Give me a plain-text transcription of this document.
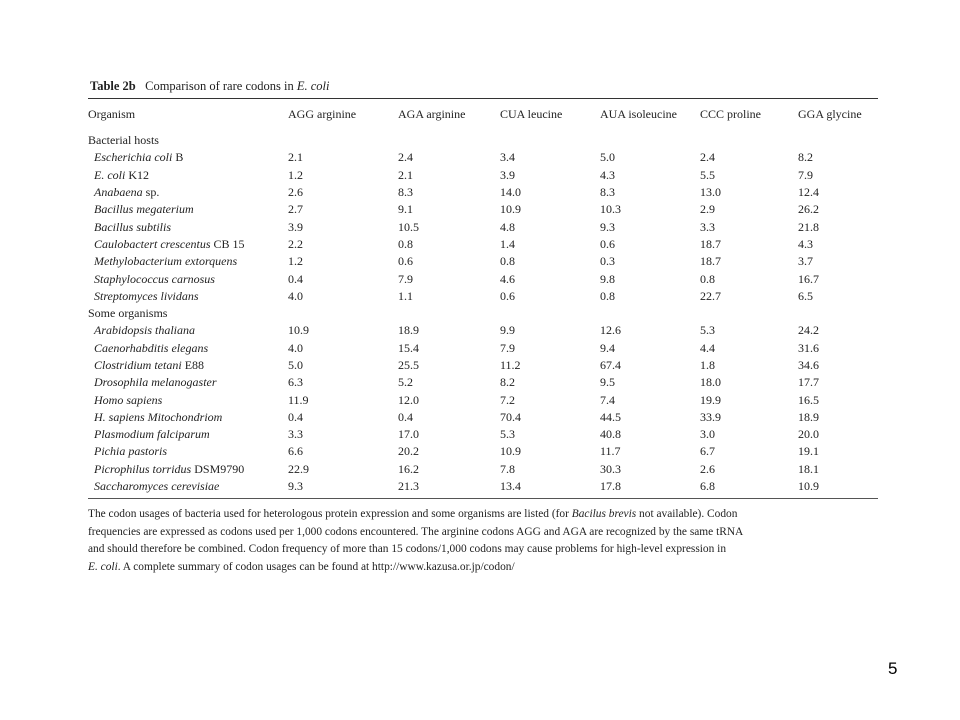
Table 2b Comparison of rare codons in E. coli
Organism	AGG arginine	AGA arginine	CUA leucine	AUA isoleucine	CCC proline	GGA glycine
Bacterial hosts						
Escherichia coli B	2.1	2.4	3.4	5.0	2.4	8.2
E. coli K12	1.2	2.1	3.9	4.3	5.5	7.9
Anabaena sp.	2.6	8.3	14.0	8.3	13.0	12.4
Bacillus megaterium	2.7	9.1	10.9	10.3	2.9	26.2
Bacillus subtilis	3.9	10.5	4.8	9.3	3.3	21.8
Caulobactert crescentus CB 15	2.2	0.8	1.4	0.6	18.7	4.3
Methylobacterium extorquens	1.2	0.6	0.8	0.3	18.7	3.7
Staphylococcus carnosus	0.4	7.9	4.6	9.8	0.8	16.7
Streptomyces lividans	4.0	1.1	0.6	0.8	22.7	6.5
Some organisms						
Arabidopsis thaliana	10.9	18.9	9.9	12.6	5.3	24.2
Caenorhabditis elegans	4.0	15.4	7.9	9.4	4.4	31.6
Clostridium tetani E88	5.0	25.5	11.2	67.4	1.8	34.6
Drosophila melanogaster	6.3	5.2	8.2	9.5	18.0	17.7
Homo sapiens	11.9	12.0	7.2	7.4	19.9	16.5
H. sapiens Mitochondriom	0.4	0.4	70.4	44.5	33.9	18.9
Plasmodium falciparum	3.3	17.0	5.3	40.8	3.0	20.0
Pichia pastoris	6.6	20.2	10.9	11.7	6.7	19.1
Picrophilus torridus DSM9790	22.9	16.2	7.8	30.3	2.6	18.1
Saccharomyces cerevisiae	9.3	21.3	13.4	17.8	6.8	10.9
The codon usages of bacteria used for heterologous protein expression and some organisms are listed (for Bacilus brevis not available). Codon
frequencies are expressed as codons used per 1,000 codons encountered. The arginine codons AGG and AGA are recognized by the same tRNA
and should therefore be combined. Codon frequency of more than 15 codons/1,000 codons may cause problems for high-level expression in
E. coli. A complete summary of codon usages can be found at http://www.kazusa.or.jp/codon/
5
